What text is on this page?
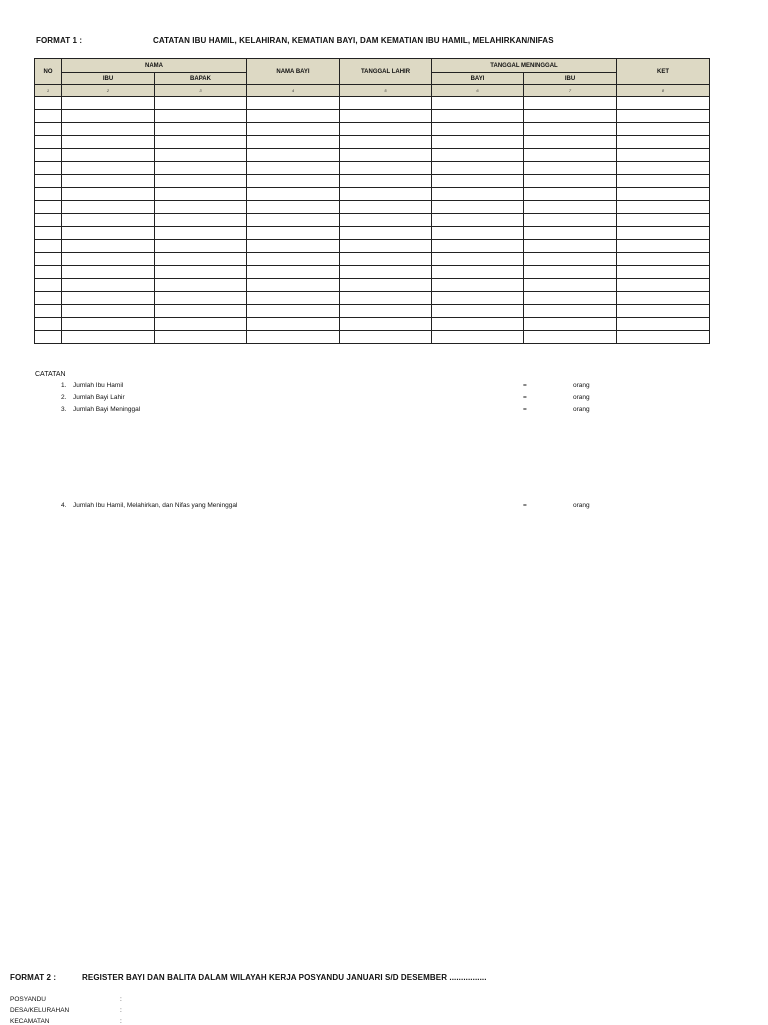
FORMAT 1 :	CATATAN IBU HAMIL, KELAHIRAN, KEMATIAN BAYI, DAM KEMATIAN IBU HAMIL, MELAHIRKAN/NIFAS
NO	NAMA		NAMA BAYI	TANGGAL LAHIR	TANGGAL MENINGGAL		KET
	IBU	BAPAK			BAYI	IBU	
1	2	3	4	5	6	7	8

CATATAN
1. Jumlah Ibu Hamil	=	orang
2. Jumlah Bayi Lahir	=	orang
3. Jumlah Bayi Meninggal	=	orang
4. Jumlah Ibu Hamil, Melahirkan, dan Nifas yang Meninggal	=	orang
FORMAT 2 :	REGISTER BAYI DAN BALITA DALAM WILAYAH KERJA POSYANDU JANUARI S/D DESEMBER ................
POSYANDU	:
DESA/KELURAHAN	:
KECAMATAN	:
